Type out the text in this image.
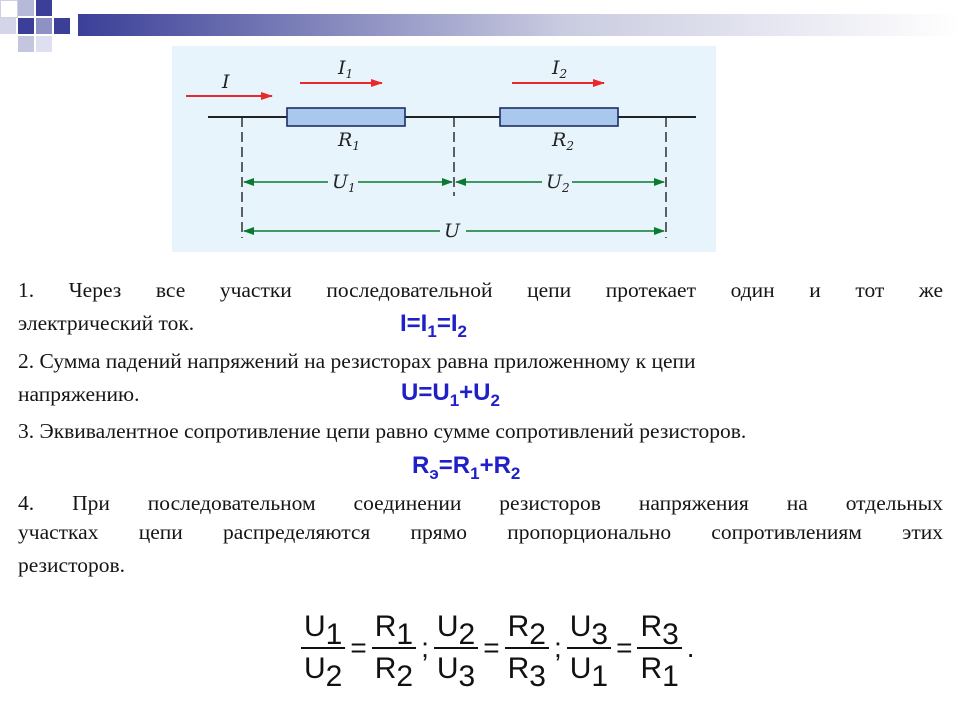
I
$I_1$	$I_2$
$R_1$	$R_2$
$U_1$	$U_2$
U

1. Через все участки последовательной цепи протекает один и тот же

электрический ток.	$I=I_1=I_2$

2. Сумма падений напряжений на резисторах равна приложенному к цепи
напряжению.	$U=U_1+U_2$

3. Эквивалентное сопротивление цепи равно сумме сопротивлений резисторов.

$R_э=R_1+R_2$

4. При последовательном соединении резисторов напряжения на отдельных

участках цепи распределяются прямо пропорционально сопротивлениям этих

резисторов.

$\frac{U_1}{U_2} = \frac{R_1}{R_2}$ ; $\frac{U_2}{U_3} = \frac{R_2}{R_3}$ ; $\frac{U_3}{U_1} = \frac{R_3}{R_1}$ .
